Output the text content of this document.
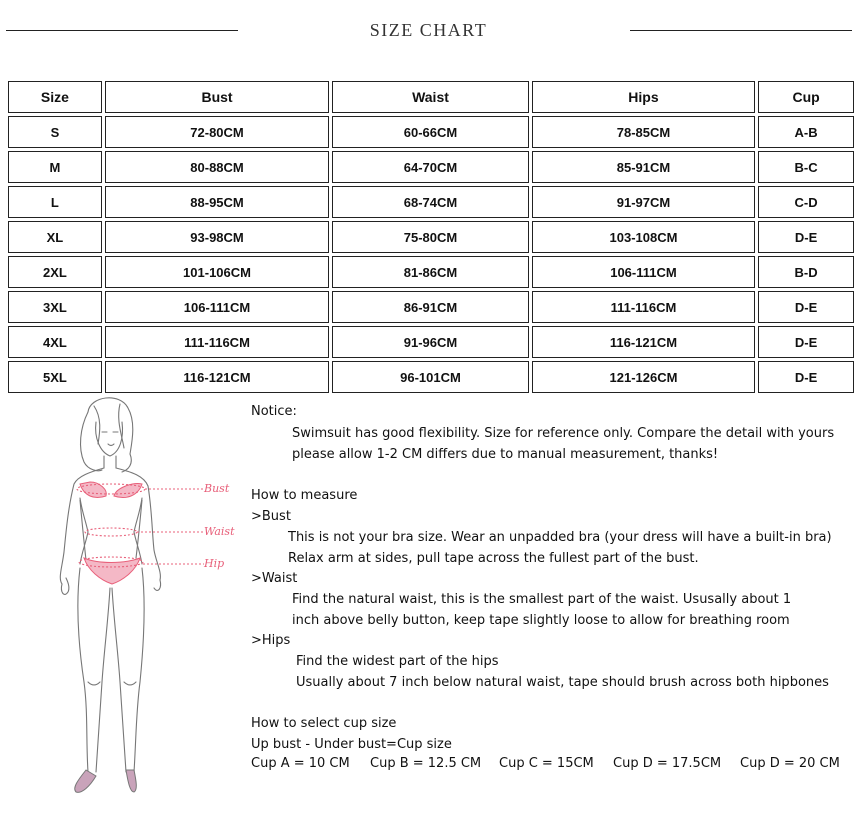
SIZE CHART
Size	Bust	Waist	Hips	Cup
S	72-80CM	60-66CM	78-85CM	A-B
M	80-88CM	64-70CM	85-91CM	B-C
L	88-95CM	68-74CM	91-97CM	C-D
XL	93-98CM	75-80CM	103-108CM	D-E
2XL	101-106CM	81-86CM	106-111CM	B-D
3XL	106-111CM	86-91CM	111-116CM	D-E
4XL	111-116CM	91-96CM	116-121CM	D-E
5XL	116-121CM	96-101CM	121-126CM	D-E
Bust
Waist
Hip
Notice:
Swimsuit has good flexibility. Size for reference only. Compare the detail with yours
please allow 1-2 CM differs due to manual measurement, thanks!
How to measure
>Bust
This is not your bra size. Wear an unpadded bra (your dress will have a built-in bra)
Relax arm at sides, pull tape across the fullest part of the bust.
>Waist
Find the natural waist, this is the smallest part of the waist. Ususally about 1
inch above belly button, keep tape slightly loose to allow for breathing room
>Hips
Find the widest part of the hips
Usually about 7 inch below natural waist, tape should brush across both hipbones
How to select cup size
Up bust - Under bust=Cup size
Cup A = 10 CM Cup B = 12.5 CM Cup C = 15CM Cup D = 17.5CM Cup D = 20 CM
